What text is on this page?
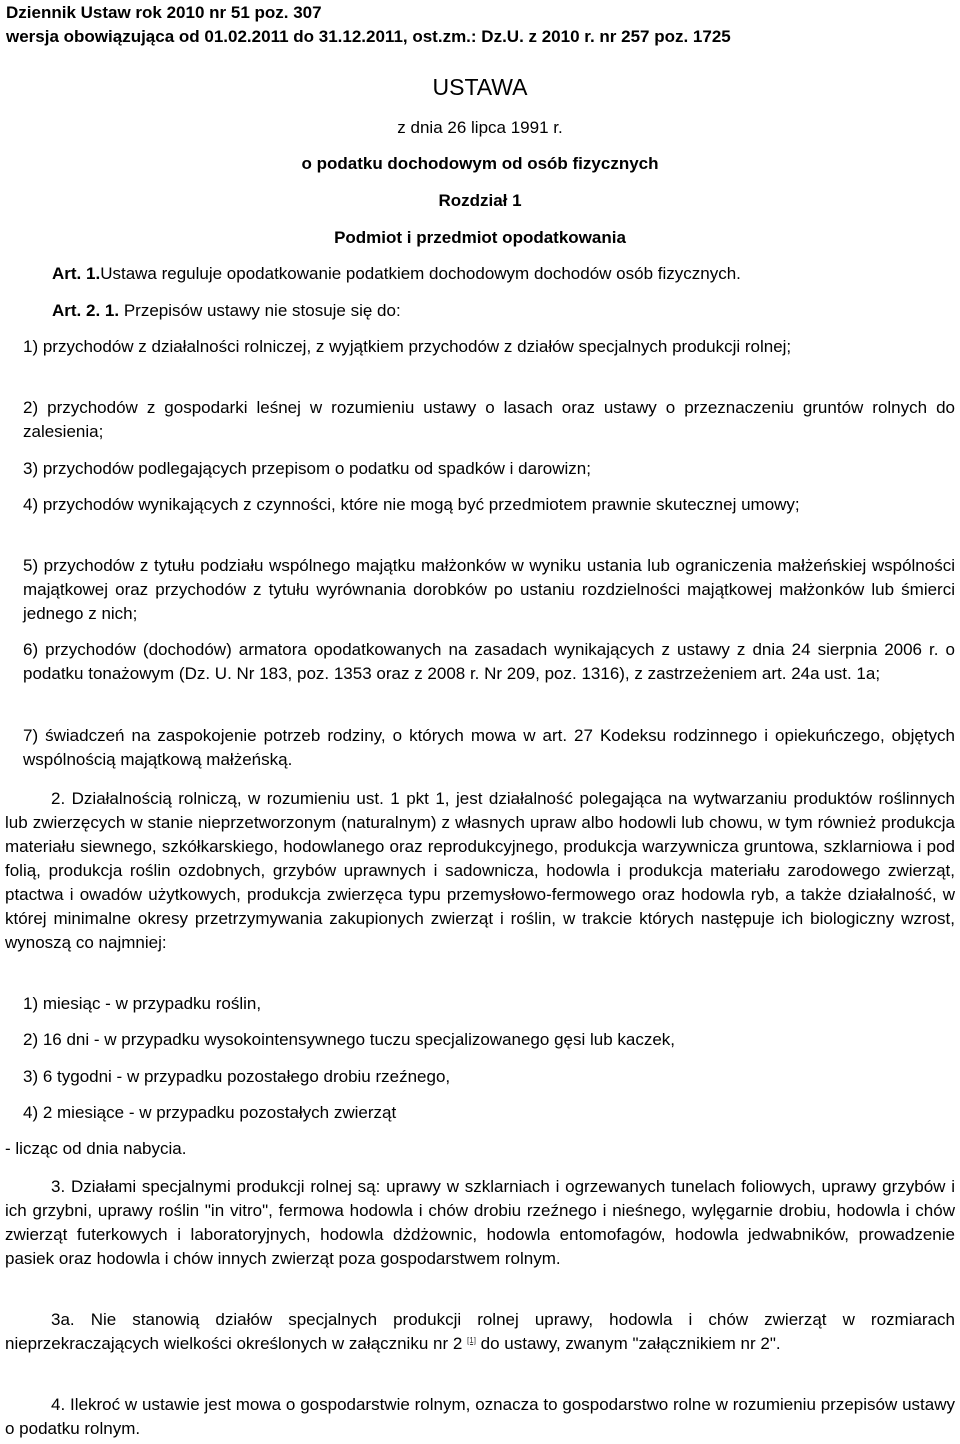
Dziennik Ustaw rok 2010 nr 51 poz. 307
wersja obowiązująca od 01.02.2011 do 31.12.2011, ost.zm.: Dz.U. z 2010 r. nr 257 poz. 1725
USTAWA
z dnia 26 lipca 1991 r.
o podatku dochodowym od osób fizycznych
Rozdział 1
Podmiot i przedmiot opodatkowania
Art. 1.Ustawa reguluje opodatkowanie podatkiem dochodowym dochodów osób fizycznych.
Art. 2. 1. Przepisów ustawy nie stosuje się do:
1) przychodów z działalności rolniczej, z wyjątkiem przychodów z działów specjalnych produkcji rolnej;
2) przychodów z gospodarki leśnej w rozumieniu ustawy o lasach oraz ustawy o przeznaczeniu gruntów rolnych do zalesienia;
3) przychodów podlegających przepisom o podatku od spadków i darowizn;
4) przychodów wynikających z czynności, które nie mogą być przedmiotem prawnie skutecznej umowy;
5) przychodów z tytułu podziału wspólnego majątku małżonków w wyniku ustania lub ograniczenia małżeńskiej wspólności majątkowej oraz przychodów z tytułu wyrównania dorobków po ustaniu rozdzielności majątkowej małżonków lub śmierci jednego z nich;
6) przychodów (dochodów) armatora opodatkowanych na zasadach wynikających z ustawy z dnia 24 sierpnia 2006 r. o podatku tonażowym (Dz. U. Nr 183, poz. 1353 oraz z 2008 r. Nr 209, poz. 1316), z zastrzeżeniem art. 24a ust. 1a;
7) świadczeń na zaspokojenie potrzeb rodziny, o których mowa w art. 27 Kodeksu rodzinnego i opiekuńczego, objętych wspólnością majątkową małżeńską.
2. Działalnością rolniczą, w rozumieniu ust. 1 pkt 1, jest działalność polegająca na wytwarzaniu produktów roślinnych lub zwierzęcych w stanie nieprzetworzonym (naturalnym) z własnych upraw albo hodowli lub chowu, w tym również produkcja materiału siewnego, szkółkarskiego, hodowlanego oraz reprodukcyjnego, produkcja warzywnicza gruntowa, szklarniowa i pod folią, produkcja roślin ozdobnych, grzybów uprawnych i sadownicza, hodowla i produkcja materiału zarodowego zwierząt, ptactwa i owadów użytkowych, produkcja zwierzęca typu przemysłowo-fermowego oraz hodowla ryb, a także działalność, w której minimalne okresy przetrzymywania zakupionych zwierząt i roślin, w trakcie których następuje ich biologiczny wzrost, wynoszą co najmniej:
1) miesiąc - w przypadku roślin,
2) 16 dni - w przypadku wysokointensywnego tuczu specjalizowanego gęsi lub kaczek,
3) 6 tygodni - w przypadku pozostałego drobiu rzeźnego,
4) 2 miesiące - w przypadku pozostałych zwierząt
- licząc od dnia nabycia.
3. Działami specjalnymi produkcji rolnej są: uprawy w szklarniach i ogrzewanych tunelach foliowych, uprawy grzybów i ich grzybni, uprawy roślin "in vitro", fermowa hodowla i chów drobiu rzeźnego i nieśnego, wylęgarnie drobiu, hodowla i chów zwierząt futerkowych i laboratoryjnych, hodowla dżdżownic, hodowla entomofagów, hodowla jedwabników, prowadzenie pasiek oraz hodowla i chów innych zwierząt poza gospodarstwem rolnym.
3a. Nie stanowią działów specjalnych produkcji rolnej uprawy, hodowla i chów zwierząt w rozmiarach nieprzekraczających wielkości określonych w załączniku nr 2 [1] do ustawy, zwanym "załącznikiem nr 2".
4. Ilekroć w ustawie jest mowa o gospodarstwie rolnym, oznacza to gospodarstwo rolne w rozumieniu przepisów ustawy o podatku rolnym.
